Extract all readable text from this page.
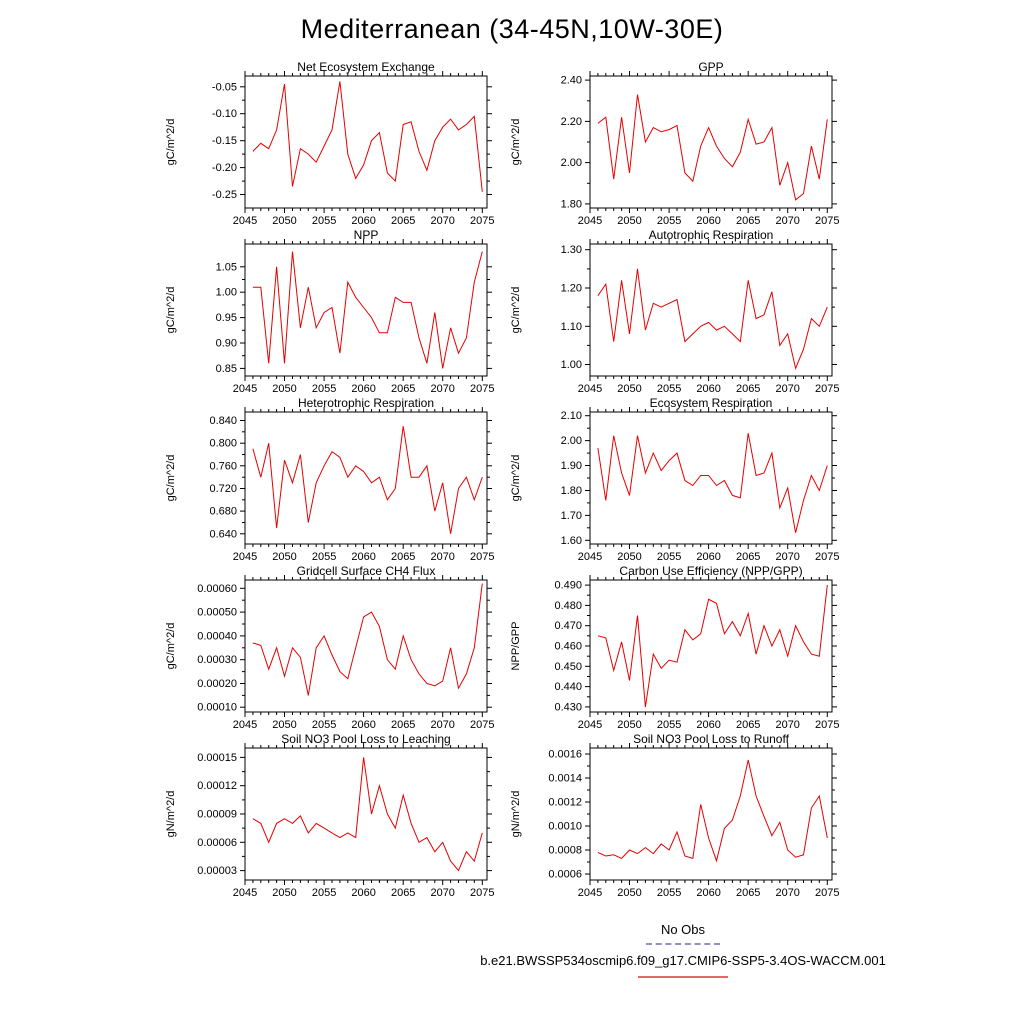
Mediterranean (34-45N,10W-30E)
2045 2050 2055 2060 2065 2070 2075
-0.25
-0.20
-0.15
-0.10
-0.05
Net Ecosystem Exchange
gC/m^2/d
2045 2050 2055 2060 2065 2070 2075
1.80
2.00
2.20
2.40
GPP
gC/m^2/d
2045 2050 2055 2060 2065 2070 2075
0.85
0.90
0.95
1.00
1.05
NPP
gC/m^2/d
2045 2050 2055 2060 2065 2070 2075
1.00
1.10
1.20
1.30
Autotrophic Respiration
gC/m^2/d
2045 2050 2055 2060 2065 2070 2075
0.640
0.680
0.720
0.760
0.800
0.840
Heterotrophic Respiration
gC/m^2/d
2045 2050 2055 2060 2065 2070 2075
1.60
1.70
1.80
1.90
2.00
2.10
Ecosystem Respiration
gC/m^2/d
2045 2050 2055 2060 2065 2070 2075
0.00010
0.00020
0.00030
0.00040
0.00050
0.00060
Gridcell Surface CH4 Flux
gC/m^2/d
2045 2050 2055 2060 2065 2070 2075
0.430
0.440
0.450
0.460
0.470
0.480
0.490
Carbon Use Efficiency (NPP/GPP)
NPP/GPP
2045 2050 2055 2060 2065 2070 2075
0.00003
0.00006
0.00009
0.00012
0.00015
Soil NO3 Pool Loss to Leaching
gN/m^2/d
2045 2050 2055 2060 2065 2070 2075
0.0006
0.0008
0.0010
0.0012
0.0014
0.0016
Soil NO3 Pool Loss to Runoff
gN/m^2/d
No Obs
b.e21.BWSSP534oscmip6.f09_g17.CMIP6-SSP5-3.4OS-WACCM.001
